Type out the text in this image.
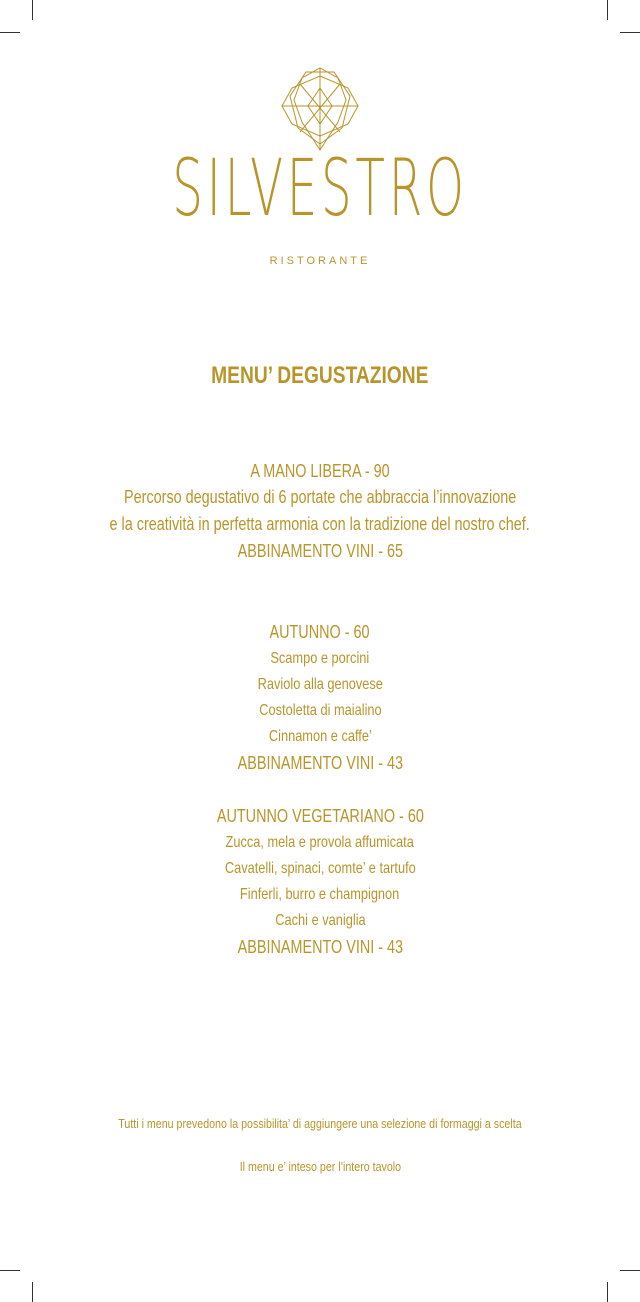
SILVESTRO
RISTORANTE
MENU’ DEGUSTAZIONE
A MANO LIBERA - 90
Percorso degustativo di 6 portate che abbraccia l’innovazione
e la creatività in perfetta armonia con la tradizione del nostro chef.
ABBINAMENTO VINI - 65
AUTUNNO - 60
Scampo e porcini
Raviolo alla genovese
Costoletta di maialino
Cinnamon e caffe’
ABBINAMENTO VINI - 43
AUTUNNO VEGETARIANO - 60
Zucca, mela e provola affumicata
Cavatelli, spinaci, comte’ e tartufo
Finferli, burro e champignon
Cachi e vaniglia
ABBINAMENTO VINI - 43
Tutti i menu prevedono la possibilita’ di aggiungere una selezione di formaggi a scelta
Il menu e’ inteso per l’intero tavolo
